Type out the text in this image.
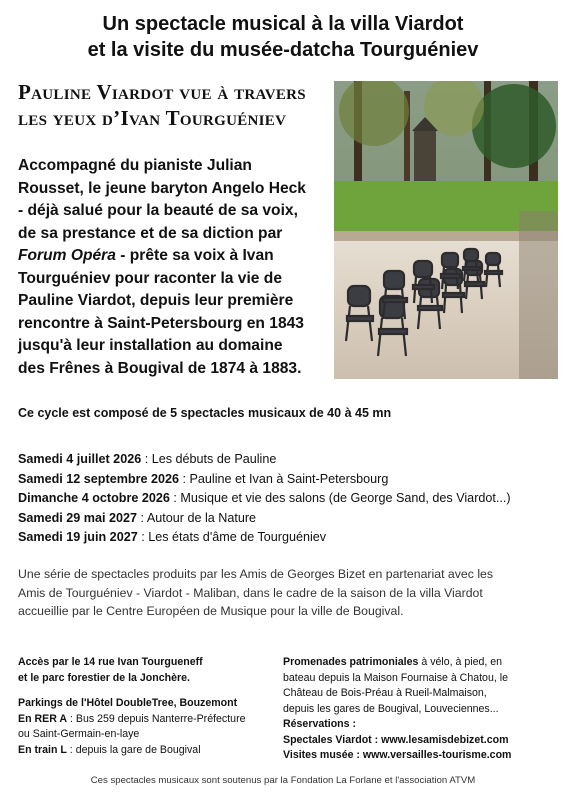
Un spectacle musical à la villa Viardot
et la visite du musée-datcha Tourguéniev
Pauline Viardot vue à travers
les yeux d’Ivan Tourguéniev
Accompagné du pianiste Julian
Rousset, le jeune baryton Angelo Heck
- déjà salué pour la beauté de sa voix,
de sa prestance et de sa diction par
Forum Opéra - prête sa voix à Ivan
Tourguéniev pour raconter la vie de
Pauline Viardot, depuis leur première
rencontre à Saint-Petersbourg en 1843
jusqu'à leur installation au domaine
des Frênes à Bougival de 1874 à 1883.
Ce cycle est composé de 5 spectacles musicaux de 40 à 45 mn
Samedi 4 juillet 2026 : Les débuts de Pauline
Samedi 12 septembre 2026 : Pauline et Ivan à Saint-Petersbourg
Dimanche 4 octobre 2026 : Musique et vie des salons (de George Sand, des Viardot...)
Samedi 29 mai 2027 : Autour de la Nature
Samedi 19 juin 2027 : Les états d'âme de Tourguéniev
Une série de spectacles produits par les Amis de Georges Bizet en partenariat avec les
Amis de Tourguéniev - Viardot - Maliban, dans le cadre de la saison de la villa Viardot
accueillie par le Centre Européen de Musique pour la ville de Bougival.
Accès par le 14 rue Ivan Tourgueneff
et le parc forestier de la Jonchère.
Parkings de l'Hôtel DoubleTree, Bouzemont
En RER A : Bus 259 depuis Nanterre-Préfecture
ou Saint-Germain-en-laye
En train L : depuis la gare de Bougival
Promenades patrimoniales à vélo, à pied, en
bateau depuis la Maison Fournaise à Chatou, le
Château de Bois-Préau à Rueil-Malmaison,
depuis les gares de Bougival, Louveciennes...
Réservations :
Spectales Viardot : www.lesamisdebizet.com
Visites musée : www.versailles-tourisme.com
Ces spectacles musicaux sont soutenus par la Fondation La Forlane et l'association ATVM
